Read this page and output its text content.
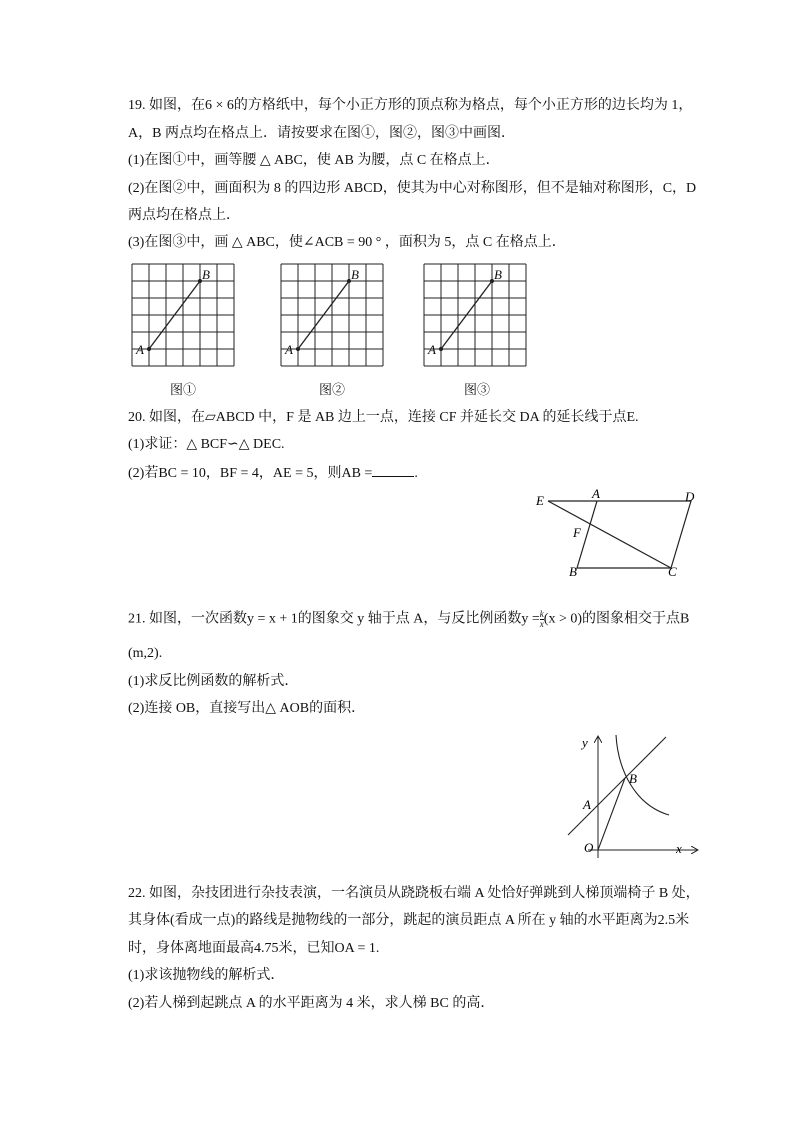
19. 如图，在6 × 6的方格纸中，每个小正方形的顶点称为格点，每个小正方形的边长均为 1，
A，B 两点均在格点上．请按要求在图①，图②，图③中画图．
(1)在图①中，画等腰 △ ABC，使 AB 为腰，点 C 在格点上．
(2)在图②中，画面积为 8 的四边形 ABCD，使其为中心对称图形，但不是轴对称图形，C，D
两点均在格点上．
(3)在图③中，画 △ ABC，使∠ACB = 90 ° ，面积为 5，点 C 在格点上．
A
B
A
B
A
B
图①	图②	图③
20. 如图，在▱ABCD 中，F 是 AB 边上一点，连接 CF 并延长交 DA 的延长线于点E.
(1)求证：△ BCF∽△ DEC.
(2)若BC = 10，BF = 4，AE = 5，则AB =	.
E	A	D
F
B	C
21. 如图，一次函数y = x + 1的图象交 y 轴于点 A，与反比例函数$y = \frac{k}{x} (x > 0)$的图象相交于点B
(m,2).
(1)求反比例函数的解析式．
(2)连接 OB，直接写出△ AOB的面积．
y
x
O
A
B
22. 如图，杂技团进行杂技表演，一名演员从跷跷板右端 A 处恰好弹跳到人梯顶端椅子 B 处，
其身体(看成一点)的路线是抛物线的一部分，跳起的演员距点 A 所在 y 轴的水平距离为2.5米
时，身体离地面最高4.75米，已知OA = 1.
(1)求该抛物线的解析式．
(2)若人梯到起跳点 A 的水平距离为 4 米，求人梯 BC 的高．
